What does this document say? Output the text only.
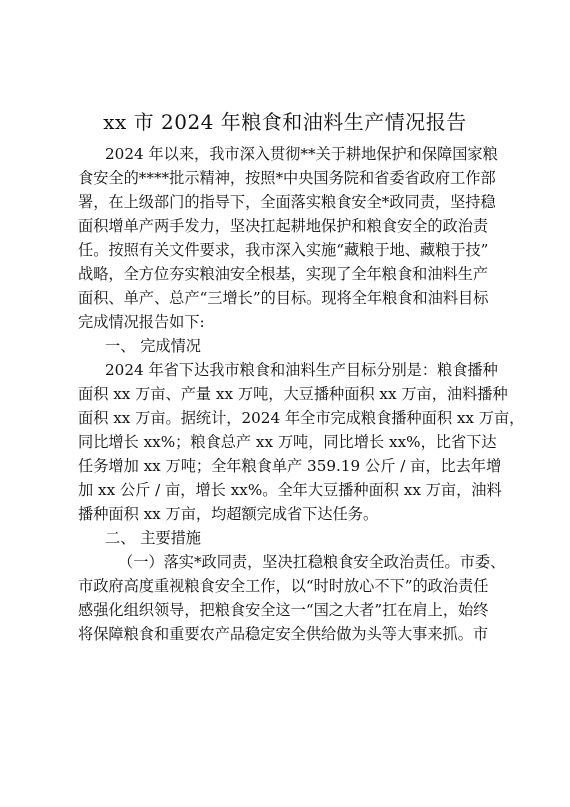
xx 市 2024 年粮食和油料生产情况报告
2024 年以来，我市深入贯彻**关于耕地保护和保障国家粮
食安全的****批示精神，按照*中央国务院和省委省政府工作部
署，在上级部门的指导下，全面落实粮食安全*政同责，坚持稳
面积增单产两手发力，坚决扛起耕地保护和粮食安全的政治责
任。按照有关文件要求，我市深入实施“藏粮于地、藏粮于技”
战略，全方位夯实粮油安全根基，实现了全年粮食和油料生产
面积、单产、总产“三增长”的目标。现将全年粮食和油料目标
完成情况报告如下:
一、 完成情况
2024 年省下达我市粮食和油料生产目标分别是：粮食播种
面积 xx 万亩、产量 xx 万吨，大豆播种面积 xx 万亩，油料播种
面积 xx 万亩。据统计，2024 年全市完成粮食播种面积 xx 万亩，
同比增长 xx%；粮食总产 xx 万吨，同比增长 xx%，比省下达
任务增加 xx 万吨；全年粮食单产 359.19 公斤 / 亩，比去年增
加 xx 公斤 / 亩，增长 xx%。全年大豆播种面积 xx 万亩，油料
播种面积 xx 万亩，均超额完成省下达任务。
二、 主要措施
（一）落实*政同责，坚决扛稳粮食安全政治责任。市委、
市政府高度重视粮食安全工作，以“时时放心不下”的政治责任
感强化组织领导，把粮食安全这一“国之大者”扛在肩上，始终
将保障粮食和重要农产品稳定安全供给做为头等大事来抓。市
